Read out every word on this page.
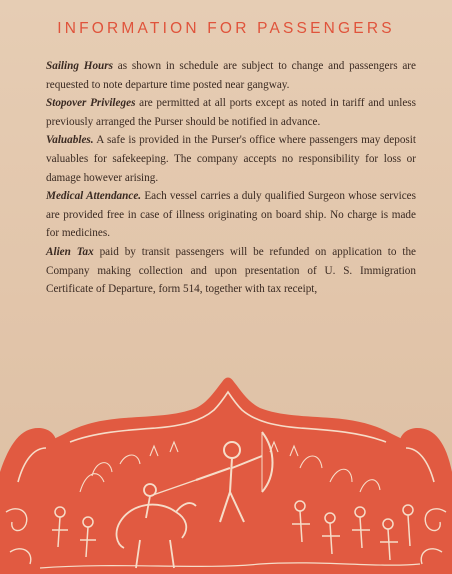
INFORMATION FOR PASSENGERS

Sailing Hours as shown in schedule are subject to change and passengers are requested to note departure time posted near gangway.

Stopover Privileges are permitted at all ports except as noted in tariff and unless previously arranged the Purser should be notified in advance.

Valuables. A safe is provided in the Purser's office where passengers may deposit valuables for safekeeping. The company accepts no responsibility for loss or damage however arising.

Medical Attendance. Each vessel carries a duly qualified Surgeon whose services are provided free in case of illness originating on board ship. No charge is made for medicines.

Alien Tax paid by transit passengers will be refunded on application to the Company making collection and upon presentation of U. S. Immigration Certificate of Departure, form 514, together with tax receipt,
